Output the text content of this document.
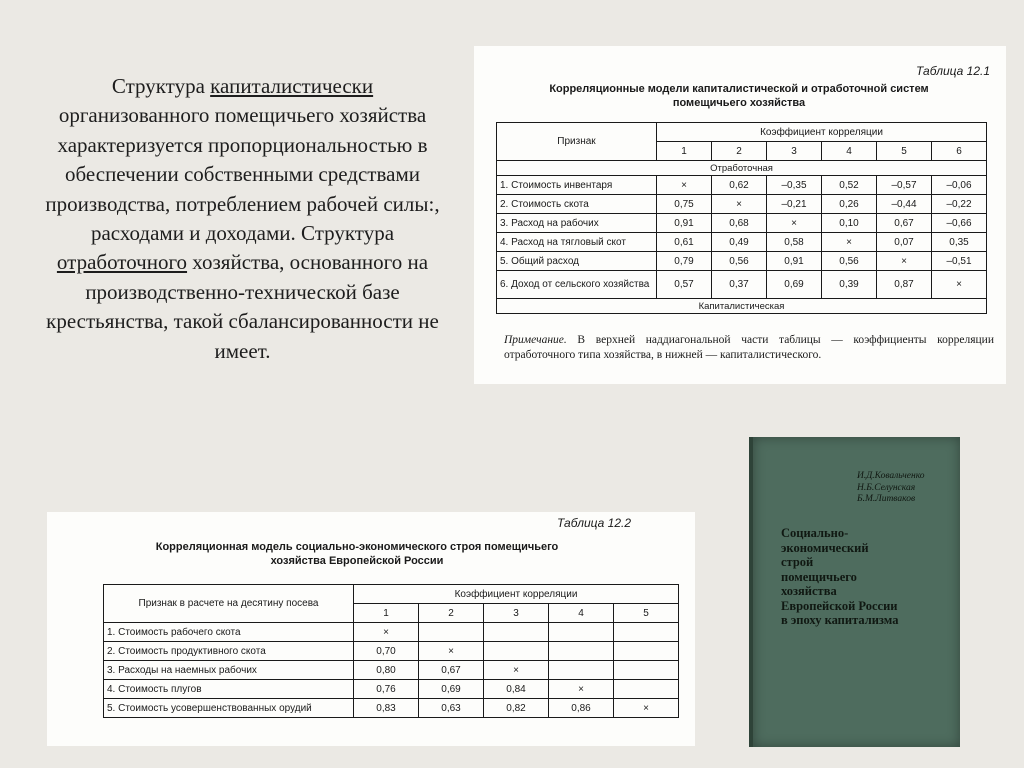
Структура капиталистически организованного помещичьего хозяйства характеризуется пропорциональностью в обеспечении собственными средствами производства, потреблением рабочей силы:, расходами и доходами. Структура отработочного хозяйства, основанного на производственно-технической базе крестьянства, такой сбалансированности не имеет.
Таблица 12.1
Корреляционные модели капиталистической и отработочной систем
помещичьего хозяйства
Признак	Коэффициент корреляции					
	1	2	3	4	5	6
Отработочная						
1. Стоимость инвентаря	×	0,62	–0,35	0,52	–0,57	–0,06
2. Стоимость скота	0,75	×	–0,21	0,26	–0,44	–0,22
3. Расход на рабочих	0,91	0,68	×	0,10	0,67	–0,66
4. Расход на тягловый скот	0,61	0,49	0,58	×	0,07	0,35
5. Общий расход	0,79	0,56	0,91	0,56	×	–0,51
6. Доход от сельского хозяйства	0,57	0,37	0,69	0,39	0,87	×
Капиталистическая						
Примечание. В верхней наддиагональной части таблицы — коэффициенты корреляции отработочного типа хозяйства, в нижней — капиталистического.
Таблица 12.2
Корреляционная модель социально-экономического строя помещичьего
хозяйства Европейской России
Признак в расчете на десятину посева	Коэффициент корреляции				
	1	2	3	4	5
1. Стоимость рабочего скота	×				
2. Стоимость продуктивного скота	0,70	×			
3. Расходы на наемных рабочих	0,80	0,67	×		
4. Стоимость плугов	0,76	0,69	0,84	×	
5. Стоимость усовершенствованных орудий	0,83	0,63	0,82	0,86	×
И.Д.Ковальченко
Н.Б.Селунская
Б.М.Литваков
Социально-
экономический
строй
помещичьего
хозяйства
Европейской России
в эпоху капитализма
